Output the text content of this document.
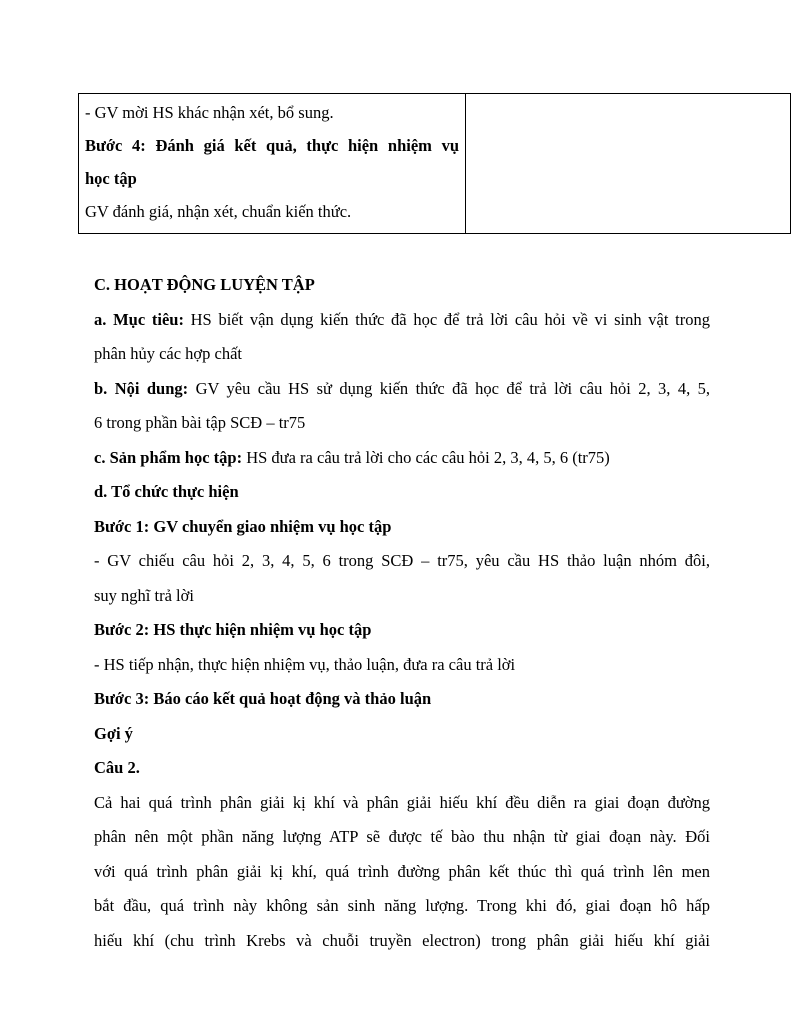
- GV mời HS khác nhận xét, bổ sung.

Bước 4: Đánh giá kết quả, thực hiện nhiệm vụ

học tập

GV đánh giá, nhận xét, chuẩn kiến thức.

C. HOẠT ĐỘNG LUYỆN TẬP

a. Mục tiêu: HS biết vận dụng kiến thức đã học để trả lời câu hỏi về vi sinh vật trong

phân hủy các hợp chất

b. Nội dung: GV yêu cầu HS sử dụng kiến thức đã học để trả lời câu hỏi 2, 3, 4, 5,

6 trong phần bài tập SCĐ – tr75

c. Sản phẩm học tập: HS đưa ra câu trả lời cho các câu hỏi 2, 3, 4, 5, 6 (tr75)

d. Tổ chức thực hiện

Bước 1: GV chuyển giao nhiệm vụ học tập

- GV chiếu câu hỏi 2, 3, 4, 5, 6 trong SCĐ – tr75, yêu cầu HS thảo luận nhóm đôi,

suy nghĩ trả lời

Bước 2: HS thực hiện nhiệm vụ học tập

- HS tiếp nhận, thực hiện nhiệm vụ, thảo luận, đưa ra câu trả lời

Bước 3: Báo cáo kết quả hoạt động và thảo luận

Gợi ý

Câu 2.

Cả hai quá trình phân giải kị khí và phân giải hiếu khí đều diễn ra giai đoạn đường

phân nên một phần năng lượng ATP sẽ được tế bào thu nhận từ giai đoạn này. Đối

với quá trình phân giải kị khí, quá trình đường phân kết thúc thì quá trình lên men

bắt đầu, quá trình này không sản sinh năng lượng. Trong khi đó, giai đoạn hô hấp

hiếu khí (chu trình Krebs và chuỗi truyền electron) trong phân giải hiếu khí giải
